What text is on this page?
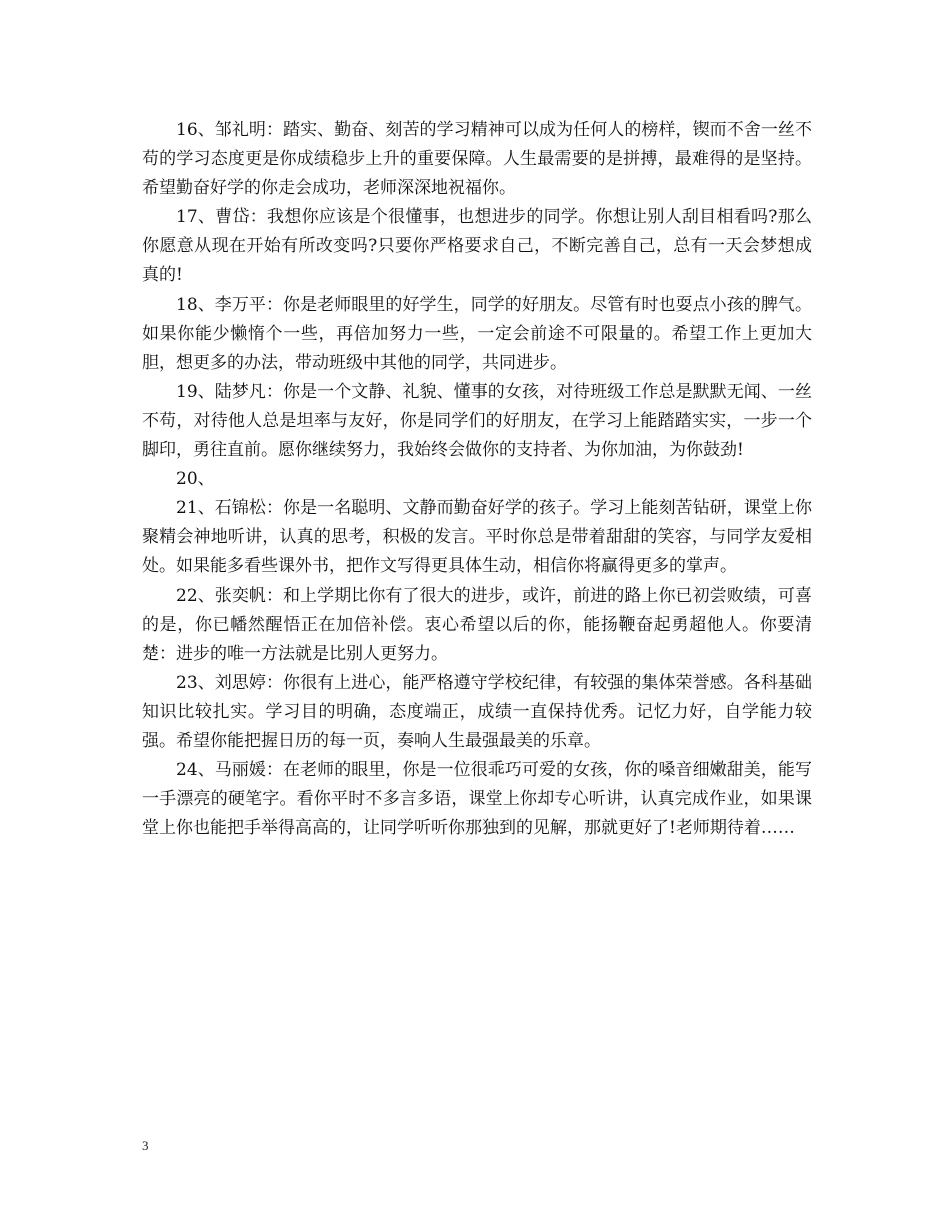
16、邹礼明：踏实、勤奋、刻苦的学习精神可以成为任何人的榜样，锲而不舍一丝不苟的学习态度更是你成绩稳步上升的重要保障。人生最需要的是拼搏，最难得的是坚持。希望勤奋好学的你走会成功，老师深深地祝福你。

17、曹岱：我想你应该是个很懂事，也想进步的同学。你想让别人刮目相看吗?那么你愿意从现在开始有所改变吗?只要你严格要求自己，不断完善自己，总有一天会梦想成真的!

18、李万平：你是老师眼里的好学生，同学的好朋友。尽管有时也耍点小孩的脾气。如果你能少懒惰个一些，再倍加努力一些，一定会前途不可限量的。希望工作上更加大胆，想更多的办法，带动班级中其他的同学，共同进步。

19、陆梦凡：你是一个文静、礼貌、懂事的女孩，对待班级工作总是默默无闻、一丝不苟，对待他人总是坦率与友好，你是同学们的好朋友，在学习上能踏踏实实，一步一个脚印，勇往直前。愿你继续努力，我始终会做你的支持者、为你加油，为你鼓劲!

20、

21、石锦松：你是一名聪明、文静而勤奋好学的孩子。学习上能刻苦钻研，课堂上你聚精会神地听讲，认真的思考，积极的发言。平时你总是带着甜甜的笑容，与同学友爱相处。如果能多看些课外书，把作文写得更具体生动，相信你将赢得更多的掌声。

22、张奕帆：和上学期比你有了很大的进步，或许，前进的路上你已初尝败绩，可喜的是，你已幡然醒悟正在加倍补偿。衷心希望以后的你，能扬鞭奋起勇超他人。你要清楚：进步的唯一方法就是比别人更努力。

23、刘思婷：你很有上进心，能严格遵守学校纪律，有较强的集体荣誉感。各科基础知识比较扎实。学习目的明确，态度端正，成绩一直保持优秀。记忆力好，自学能力较强。希望你能把握日历的每一页，奏响人生最强最美的乐章。

24、马丽媛：在老师的眼里，你是一位很乖巧可爱的女孩，你的嗓音细嫩甜美，能写一手漂亮的硬笔字。看你平时不多言多语，课堂上你却专心听讲，认真完成作业，如果课堂上你也能把手举得高高的，让同学听听你那独到的见解，那就更好了!老师期待着……

3
